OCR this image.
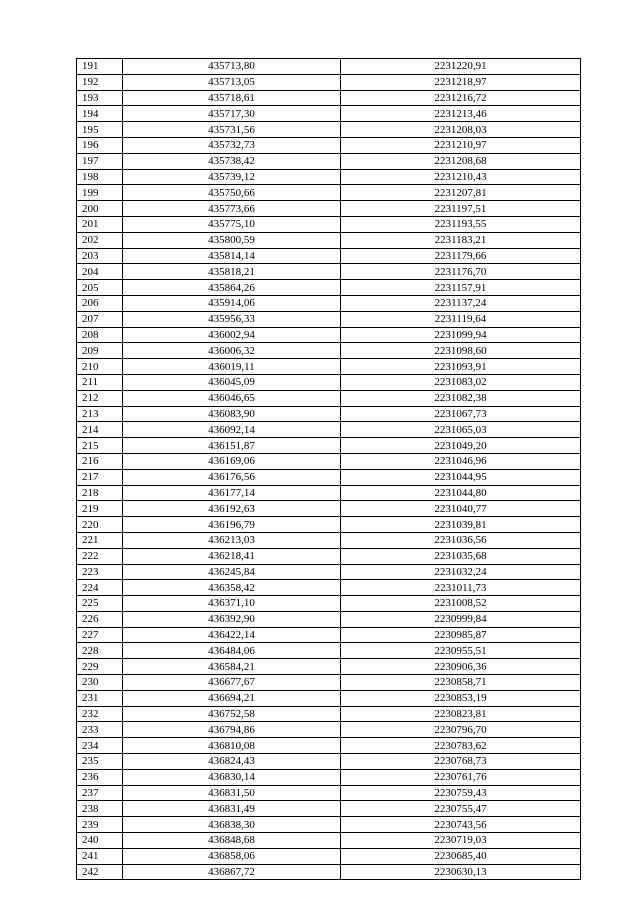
191	435713,80	2231220,91
192	435713,05	2231218,97
193	435718,61	2231216,72
194	435717,30	2231213,46
195	435731,56	2231208,03
196	435732,73	2231210,97
197	435738,42	2231208,68
198	435739,12	2231210,43
199	435750,66	2231207,81
200	435773,66	2231197,51
201	435775,10	2231193,55
202	435800,59	2231183,21
203	435814,14	2231179,66
204	435818,21	2231176,70
205	435864,26	2231157,91
206	435914,06	2231137,24
207	435956,33	2231119,64
208	436002,94	2231099,94
209	436006,32	2231098,60
210	436019,11	2231093,91
211	436045,09	2231083,02
212	436046,65	2231082,38
213	436083,90	2231067,73
214	436092,14	2231065,03
215	436151,87	2231049,20
216	436169,06	2231046,96
217	436176,56	2231044,95
218	436177,14	2231044,80
219	436192,63	2231040,77
220	436196,79	2231039,81
221	436213,03	2231036,56
222	436218,41	2231035,68
223	436245,84	2231032,24
224	436358,42	2231011,73
225	436371,10	2231008,52
226	436392,90	2230999,84
227	436422,14	2230985,87
228	436484,06	2230955,51
229	436584,21	2230906,36
230	436677,67	2230858,71
231	436694,21	2230853,19
232	436752,58	2230823,81
233	436794,86	2230796,70
234	436810,08	2230783,62
235	436824,43	2230768,73
236	436830,14	2230761,76
237	436831,50	2230759,43
238	436831,49	2230755,47
239	436838,30	2230743,56
240	436848,68	2230719,03
241	436858,06	2230685,40
242	436867,72	2230630,13
